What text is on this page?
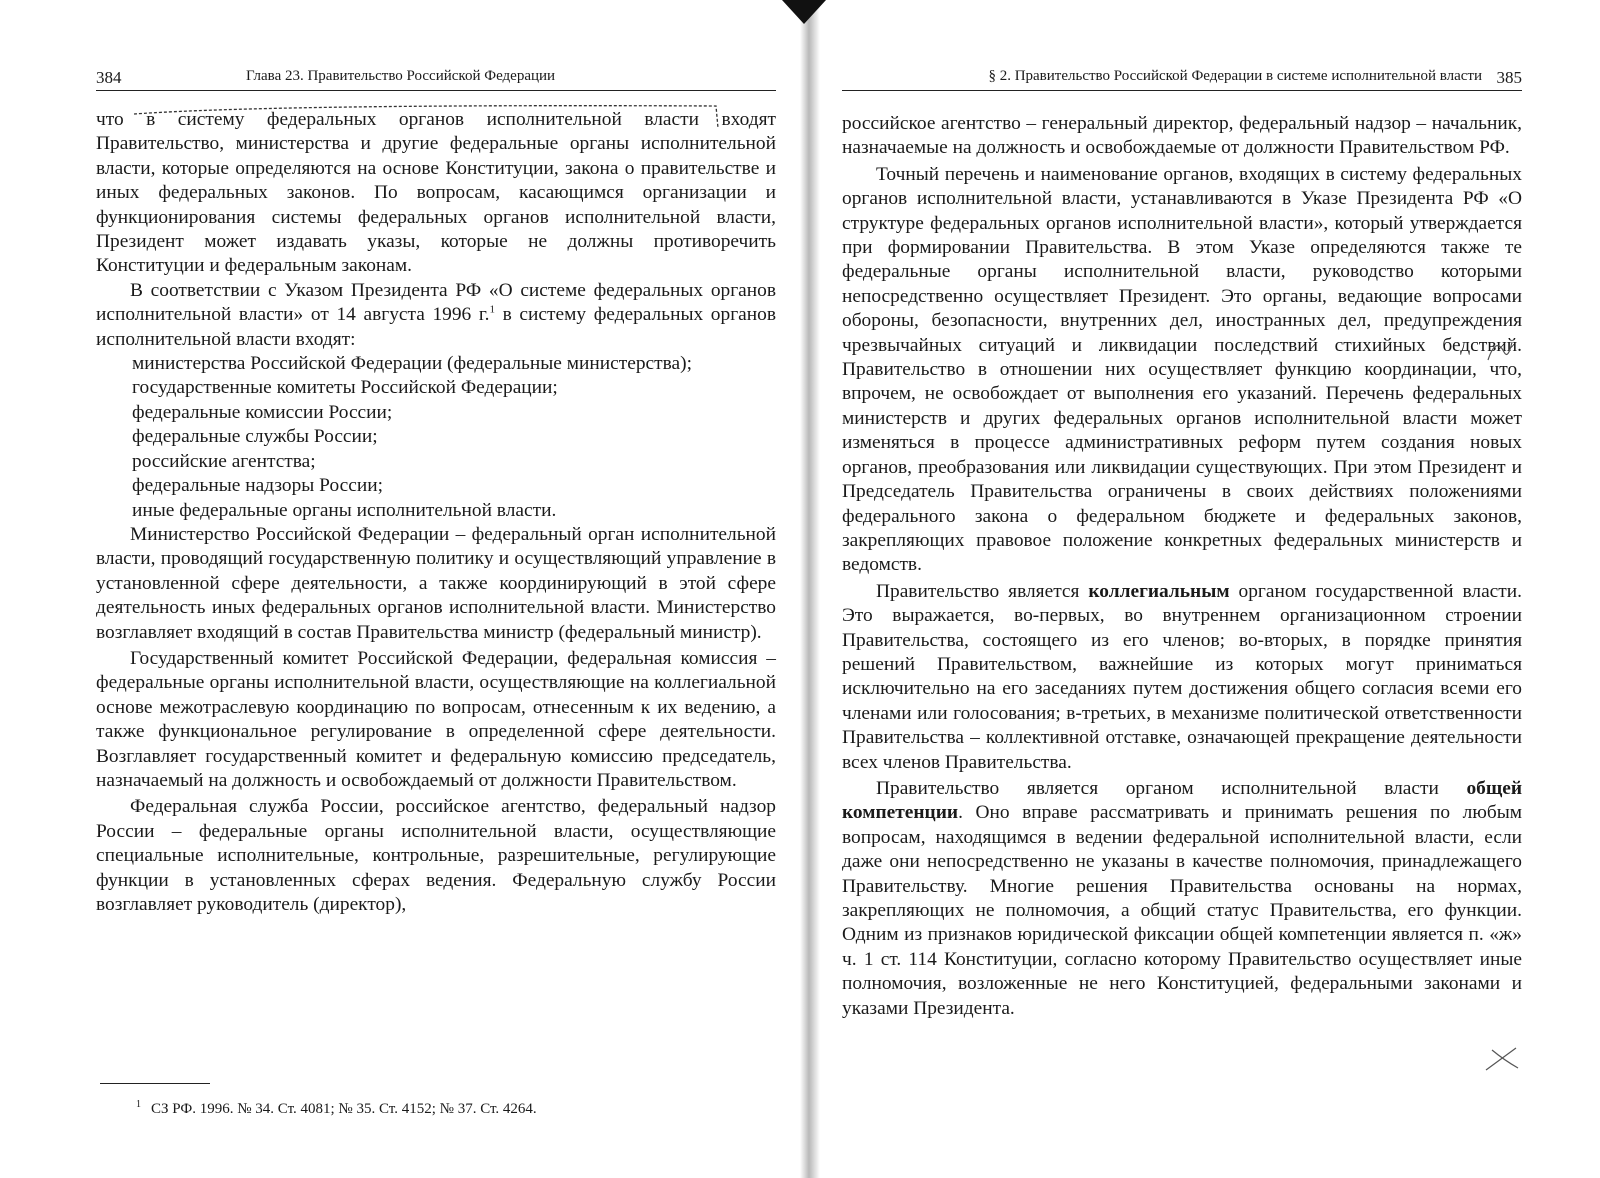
384	Глава 23. Правительство Российской Федерации

что в систему федеральных органов исполнительной власти входят Правительство, министерства и другие федеральные органы исполнительной власти, которые определяются на основе Конституции, закона о правительстве и иных федеральных законов. По вопросам, касающимся организации и функционирования системы федеральных органов исполнительной власти, Президент может издавать указы, которые не должны противоречить Конституции и федеральным законам.

В соответствии с Указом Президента РФ «О системе федеральных органов исполнительной власти» от 14 августа 1996 г.$^1$ в систему федеральных органов исполнительной власти входят:

министерства Российской Федерации (федеральные министерства);

государственные комитеты Российской Федерации;

федеральные комиссии России;

федеральные службы России;

российские агентства;

федеральные надзоры России;

иные федеральные органы исполнительной власти.

Министерство Российской Федерации – федеральный орган исполнительной власти, проводящий государственную политику и осуществляющий управление в установленной сфере деятельности, а также координирующий в этой сфере деятельность иных федеральных органов исполнительной власти. Министерство возглавляет входящий в состав Правительства министр (федеральный министр).

Государственный комитет Российской Федерации, федеральная комиссия – федеральные органы исполнительной власти, осуществляющие на коллегиальной основе межотраслевую координацию по вопросам, отнесенным к их ведению, а также функциональное регулирование в определенной сфере деятельности. Возглавляет государственный комитет и федеральную комиссию председатель, назначаемый на должность и освобождаемый от должности Правительством.

Федеральная служба России, российское агентство, федеральный надзор России – федеральные органы исполнительной власти, осуществляющие специальные исполнительные, контрольные, разрешительные, регулирующие функции в установленных сферах ведения. Федеральную службу России возглавляет руководитель (директор),

$^1$ СЗ РФ. 1996. № 34. Ст. 4081; № 35. Ст. 4152; № 37. Ст. 4264.
§ 2. Правительство Российской Федерации в системе исполнительной власти 385

российское агентство – генеральный директор, федеральный надзор – начальник, назначаемые на должность и освобождаемые от должности Правительством РФ.

Точный перечень и наименование органов, входящих в систему федеральных органов исполнительной власти, устанавливаются в Указе Президента РФ «О структуре федеральных органов исполнительной власти», который утверждается при формировании Правительства. В этом Указе определяются также те федеральные органы исполнительной власти, руководство которыми непосредственно осуществляет Президент. Это органы, ведающие вопросами обороны, безопасности, внутренних дел, иностранных дел, предупреждения чрезвычайных ситуаций и ликвидации последствий стихийных бедствий. Правительство в отношении них осуществляет функцию координации, что, впрочем, не освобождает от выполнения его указаний. Перечень федеральных министерств и других федеральных органов исполнительной власти может изменяться в процессе административных реформ путем создания новых органов, преобразования или ликвидации существующих. При этом Президент и Председатель Правительства ограничены в своих действиях положениями федерального закона о федеральном бюджете и федеральных законов, закрепляющих правовое положение конкретных федеральных министерств и ведомств.

Правительство является коллегиальным органом государственной власти. Это выражается, во-первых, во внутреннем организационном строении Правительства, состоящего из его членов; во-вторых, в порядке принятия решений Правительством, важнейшие из которых могут приниматься исключительно на его заседаниях путем достижения общего согласия всеми его членами или голосования; в-третьих, в механизме политической ответственности Правительства – коллективной отставке, означающей прекращение деятельности всех членов Правительства.

Правительство является органом исполнительной власти общей компетенции. Оно вправе рассматривать и принимать решения по любым вопросам, находящимся в ведении федеральной исполнительной власти, если даже они непосредственно не указаны в качестве полномочия, принадлежащего Правительству. Многие решения Правительства основаны на нормах, закрепляющих не полномочия, а общий статус Правительства, его функции. Одним из признаков юридической фиксации общей компетенции является п. «ж» ч. 1 ст. 114 Конституции, согласно которому Правительство осуществляет иные полномочия, возложенные не него Конституцией, федеральными законами и указами Президента.
